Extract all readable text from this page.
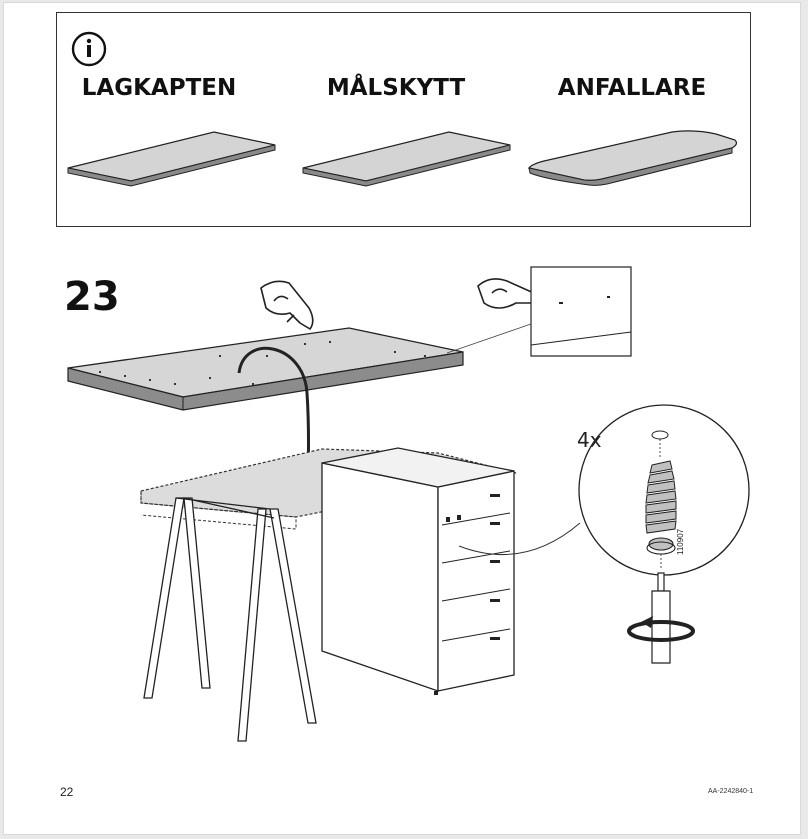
LAGKAPTEN	MÅLSKYTT	ANFALLARE
23
4x
110907
22	AA-2242840-1
